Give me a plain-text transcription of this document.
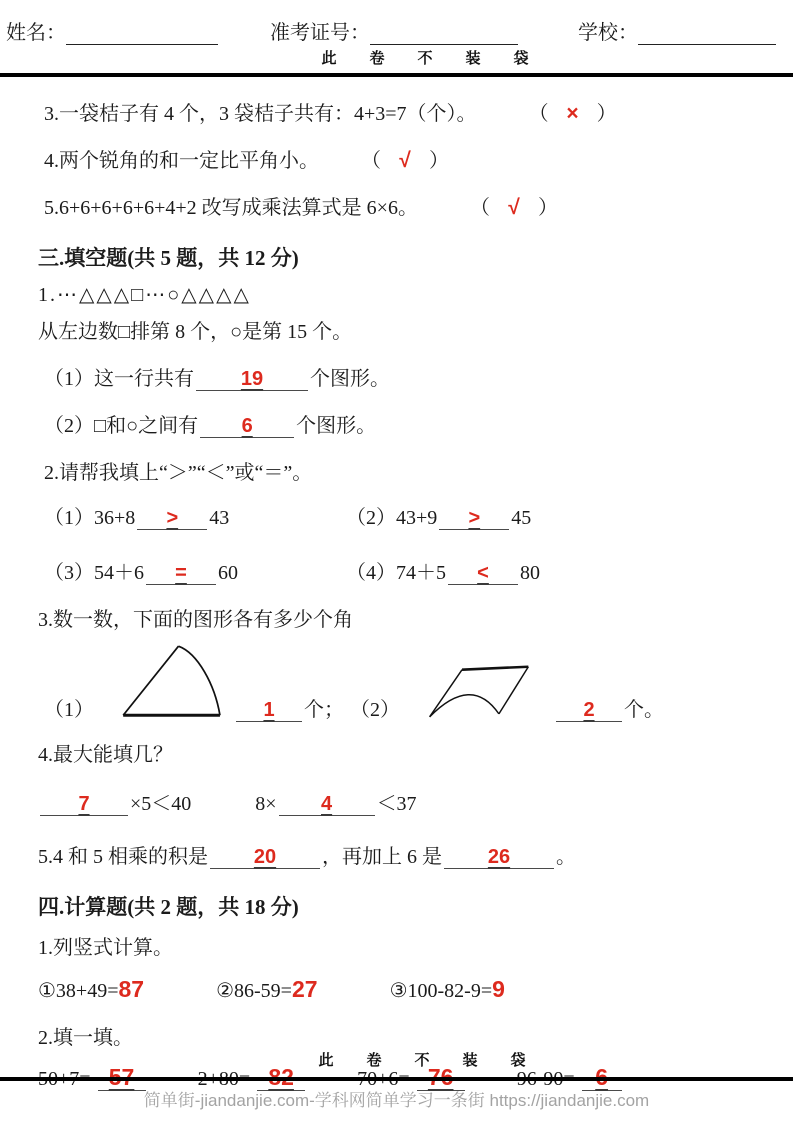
姓名：	准考证号：	学校：
此　卷　不　装　袋
3.一袋桔子有 4 个，3 袋桔子共有：4+3=7（个）。	（ × ）
4.两个锐角的和一定比平角小。	（ √ ）
5.6+6+6+6+6+4+2 改写成乘法算式是 6×6。	（ √ ）
三.填空题(共 5 题，共 12 分)
1.⋯△△△□⋯○△△△△
从左边数□排第 8 个，○是第 15 个。
（1）这一行共有 19 个图形。
（2）□和○之间有 6 个图形。
2.请帮我填上“＞”“＜”或“＝”。
（1）36+8 > 43	（2）43+9 > 45
（3）54＋6 = 60	（4）74＋5 < 80
3.数一数，下面的图形各有多少个角
（1）	1	个； （2）	2	个。
4.最大能填几？
7 ×5＜40	8× 4 ＜37
5.4 和 5 相乘的积是 20 ，再加上 6 是 26 。
四.计算题(共 2 题，共 18 分)
1.列竖式计算。
①38+49=87	②86-59=27	③100-82-9=9
2.填一填。
50+7= 57	2+80= 82	70+6= 76	96-90= 6
此　卷　不　装　袋
简单街-jiandanjie.com-学科网简单学习一条街 https://jiandanjie.com
